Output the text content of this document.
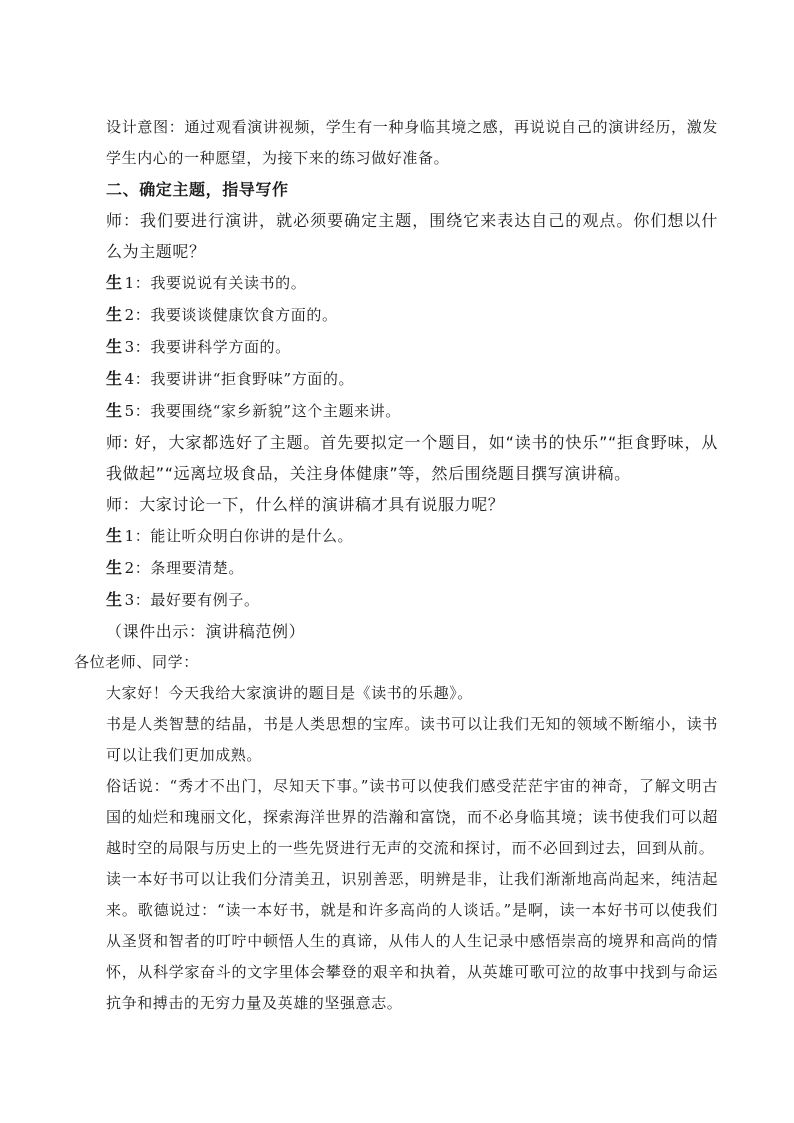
设计意图：通过观看演讲视频，学生有一种身临其境之感，再说说自己的演讲经历，激发学生内心的一种愿望，为接下来的练习做好准备。

二、确定主题，指导写作

师：我们要进行演讲，就必须要确定主题，围绕它来表达自己的观点。你们想以什么为主题呢？

生 1：我要说说有关读书的。

生 2：我要谈谈健康饮食方面的。

生 3：我要讲科学方面的。

生 4：我要讲讲“拒食野味”方面的。

生 5：我要围绕“家乡新貌”这个主题来讲。

师: 好，大家都选好了主题。首先要拟定一个题目，如“读书的快乐”“拒食野味，从我做起”“远离垃圾食品，关注身体健康”等，然后围绕题目撰写演讲稿。

师：大家讨论一下，什么样的演讲稿才具有说服力呢？

生 1：能让听众明白你讲的是什么。

生 2：条理要清楚。

生 3：最好要有例子。

（课件出示：演讲稿范例）

各位老师、同学：

大家好！今天我给大家演讲的题目是《读书的乐趣》。

书是人类智慧的结晶，书是人类思想的宝库。读书可以让我们无知的领域不断缩小，读书可以让我们更加成熟。

俗话说：“秀才不出门，尽知天下事。”读书可以使我们感受茫茫宇宙的神奇，了解文明古国的灿烂和瑰丽文化，探索海洋世界的浩瀚和富饶，而不必身临其境；读书使我们可以超越时空的局限与历史上的一些先贤进行无声的交流和探讨，而不必回到过去，回到从前。

读一本好书可以让我们分清美丑，识别善恶，明辨是非，让我们渐渐地高尚起来，纯洁起来。歌德说过：“读一本好书，就是和许多高尚的人谈话。”是啊，读一本好书可以使我们从圣贤和智者的叮咛中顿悟人生的真谛，从伟人的人生记录中感悟崇高的境界和高尚的情怀，从科学家奋斗的文字里体会攀登的艰辛和执着，从英雄可歌可泣的故事中找到与命运抗争和搏击的无穷力量及英雄的坚强意志。
